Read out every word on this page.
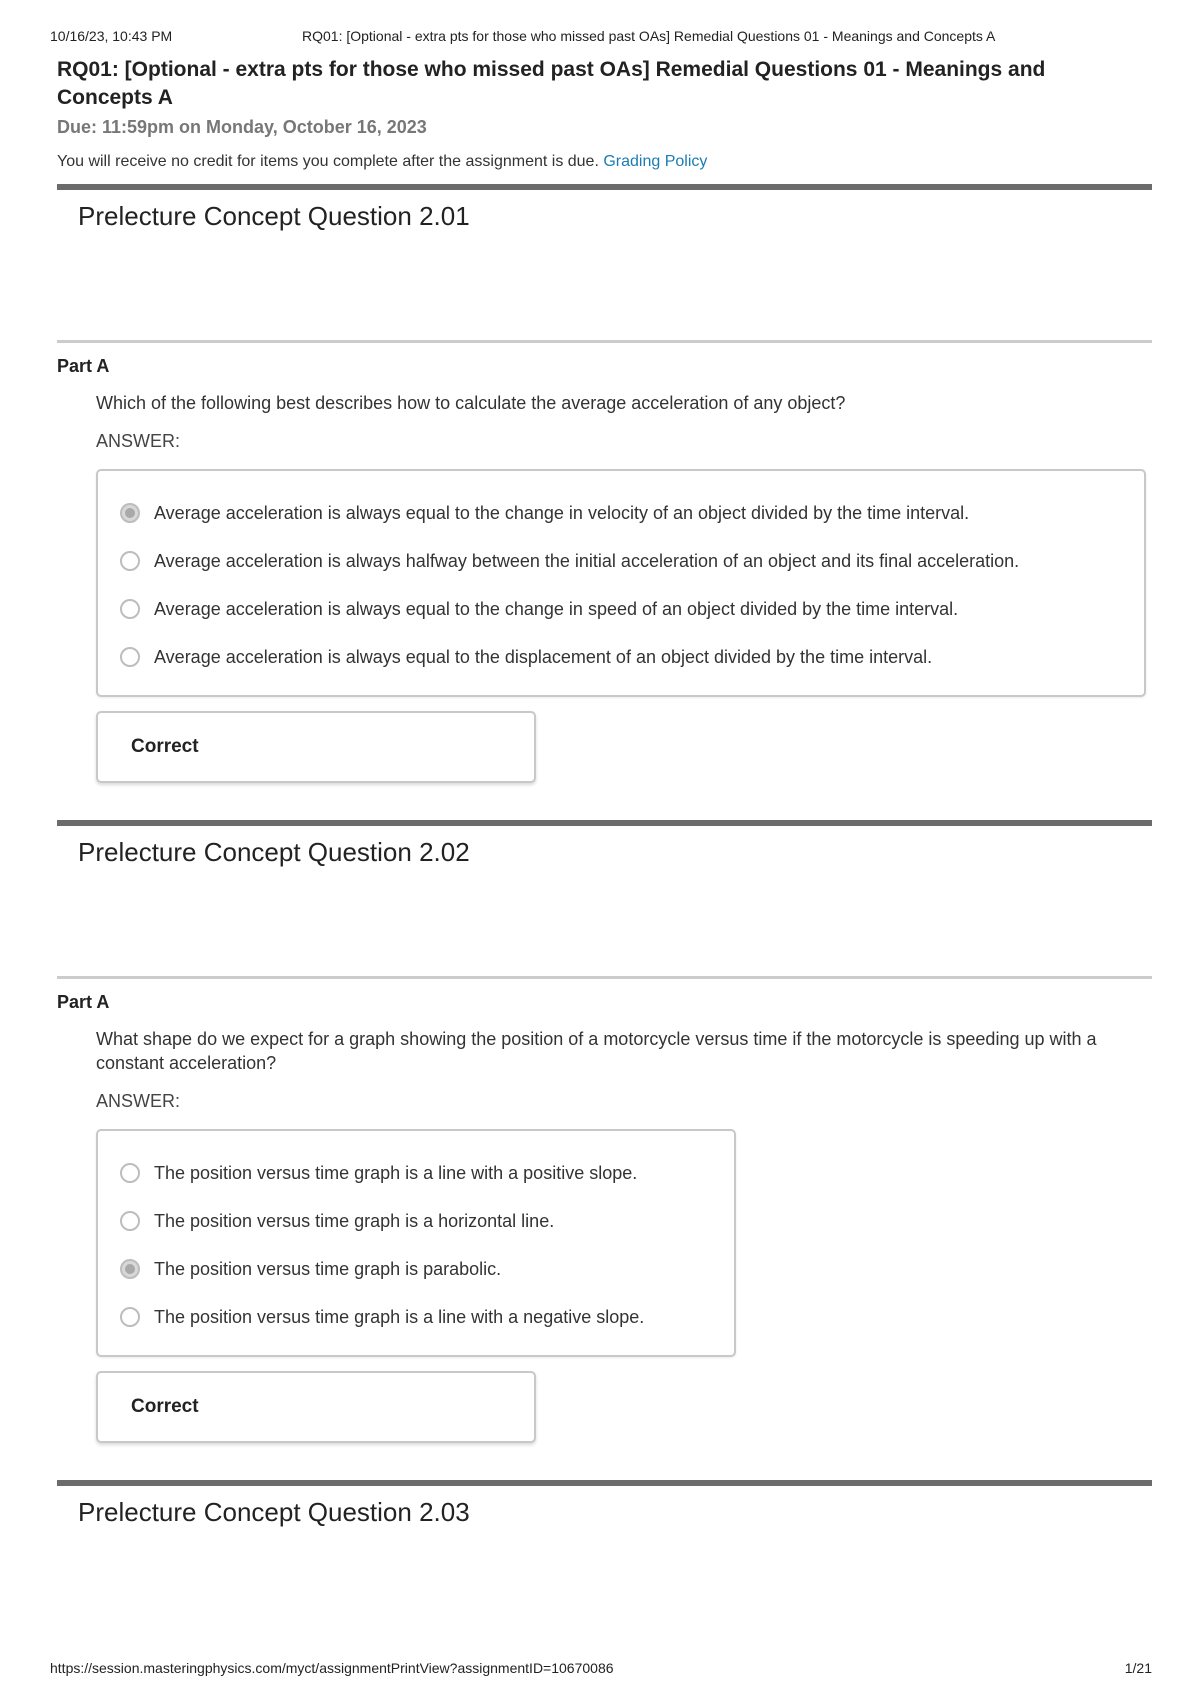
10/16/23, 10:43 PM	RQ01: [Optional - extra pts for those who missed past OAs] Remedial Questions 01 - Meanings and Concepts A
RQ01: [Optional - extra pts for those who missed past OAs] Remedial Questions 01 - Meanings and Concepts A
Due: 11:59pm on Monday, October 16, 2023
You will receive no credit for items you complete after the assignment is due. Grading Policy
Prelecture Concept Question 2.01
Part A
Which of the following best describes how to calculate the average acceleration of any object?
ANSWER:
Average acceleration is always equal to the change in velocity of an object divided by the time interval.
Average acceleration is always halfway between the initial acceleration of an object and its final acceleration.
Average acceleration is always equal to the change in speed of an object divided by the time interval.
Average acceleration is always equal to the displacement of an object divided by the time interval.
Correct
Prelecture Concept Question 2.02
Part A
What shape do we expect for a graph showing the position of a motorcycle versus time if the motorcycle is speeding up with a constant acceleration?
ANSWER:
The position versus time graph is a line with a positive slope.
The position versus time graph is a horizontal line.
The position versus time graph is parabolic.
The position versus time graph is a line with a negative slope.
Correct
Prelecture Concept Question 2.03
https://session.masteringphysics.com/myct/assignmentPrintView?assignmentID=10670086	1/21
